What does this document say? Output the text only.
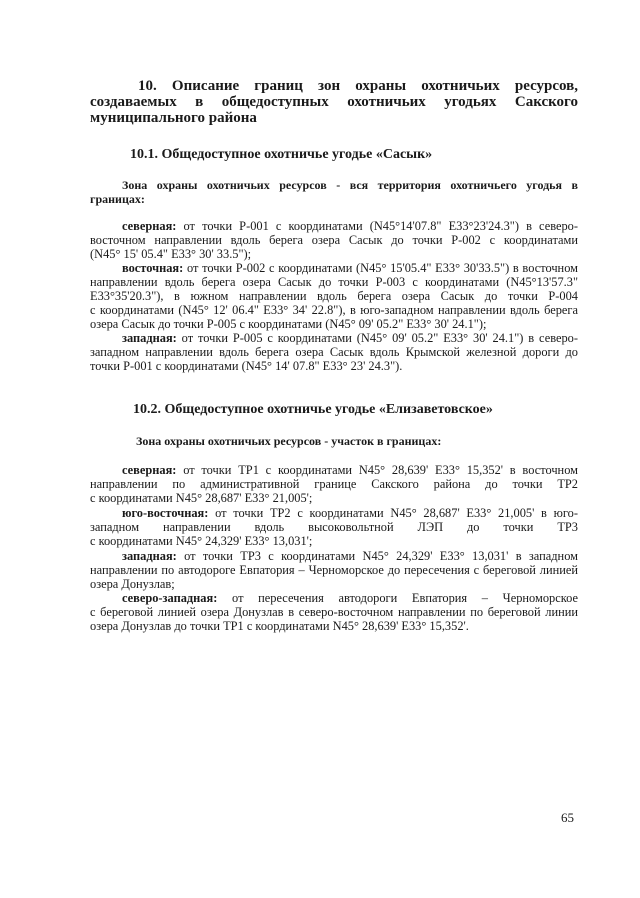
10. Описание границ зон охраны охотничьих ресурсов,
создаваемых в общедоступных охотничьих угодьях Сакского
муниципального района
10.1. Общедоступное охотничье угодье «Сасык»
Зона охраны охотничьих ресурсов - вся территория охотничьего угодья в
границах:
северная: от точки Р-001 с координатами (N45°14'07.8" E33°23'24.3") в северо-
восточном направлении вдоль берега озера Сасык до точки Р-002 с координатами
(N45° 15' 05.4" E33° 30' 33.5");
восточная: от точки Р-002 с координатами (N45° 15'05.4" E33° 30'33.5") в восточном
направлении вдоль берега озера Сасык до точки Р-003 с координатами (N45°13'57.3"
E33°35'20.3"), в южном направлении вдоль берега озера Сасык до точки Р-004
с координатами (N45° 12' 06.4" E33° 34' 22.8"), в юго-западном направлении вдоль берега
озера Сасык до точки Р-005 с координатами (N45° 09' 05.2" E33° 30' 24.1");
западная: от точки Р-005 с координатами (N45° 09' 05.2" E33° 30' 24.1") в северо-
западном направлении вдоль берега озера Сасык вдоль Крымской железной дороги до
точки Р-001 с координатами (N45° 14' 07.8" E33° 23' 24.3").
10.2. Общедоступное охотничье угодье «Елизаветовское»
Зона охраны охотничьих ресурсов - участок в границах:
северная: от точки ТР1 с координатами N45° 28,639' E33° 15,352' в восточном
направлении по административной границе Сакского района до точки ТР2
с координатами N45° 28,687' E33° 21,005';
юго-восточная: от точки ТР2 с координатами N45° 28,687' E33° 21,005' в юго-
западном направлении вдоль высоковольтной ЛЭП до точки ТР3
с координатами N45° 24,329' E33° 13,031';
западная: от точки ТР3 с координатами N45° 24,329' E33° 13,031' в западном
направлении по автодороге Евпатория – Черноморское до пересечения с береговой линией
озера Донузлав;
северо-западная: от пересечения автодороги Евпатория – Черноморское
с береговой линией озера Донузлав в северо-восточном направлении по береговой линии
озера Донузлав до точки ТР1 с координатами N45° 28,639' E33° 15,352'.
65
